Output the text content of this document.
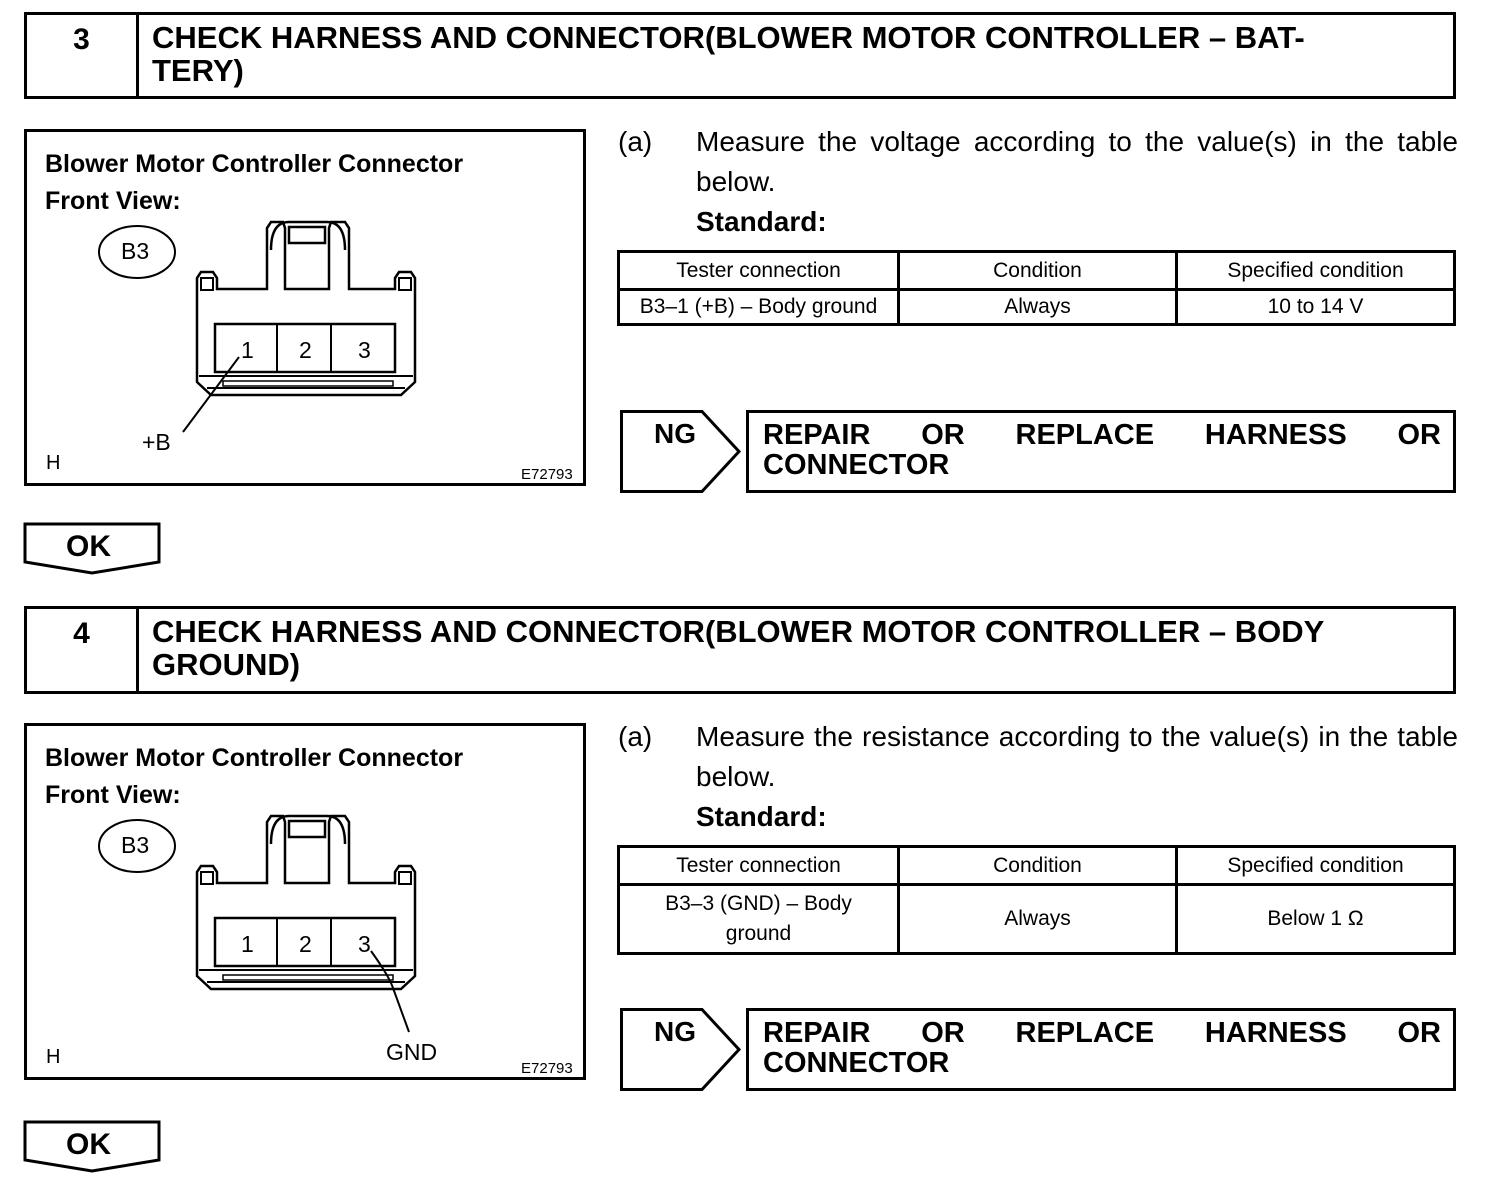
3	CHECK HARNESS AND CONNECTOR(BLOWER MOTOR CONTROLLER – BAT-
TERY)
Blower Motor Controller Connector
Front View:
B3
1 2 3
+B
H
E72793
(a) Measure the voltage according to the value(s) in the table below.
Standard:
Tester connection	Condition	Specified condition
B3–1 (+B) – Body ground	Always	10 to 14 V
NG REPAIR OR REPLACE HARNESS OR
CONNECTOR
OK
4	CHECK HARNESS AND CONNECTOR(BLOWER MOTOR CONTROLLER – BODY
GROUND)
Blower Motor Controller Connector
Front View:
B3
1 2 3
GND
H
E72793
(a) Measure the resistance according to the value(s) in the table below.
Standard:
Tester connection	Condition	Specified condition
B3–3 (GND) – Body ground	Always	Below 1 Ω
NG REPAIR OR REPLACE HARNESS OR
CONNECTOR
OK
